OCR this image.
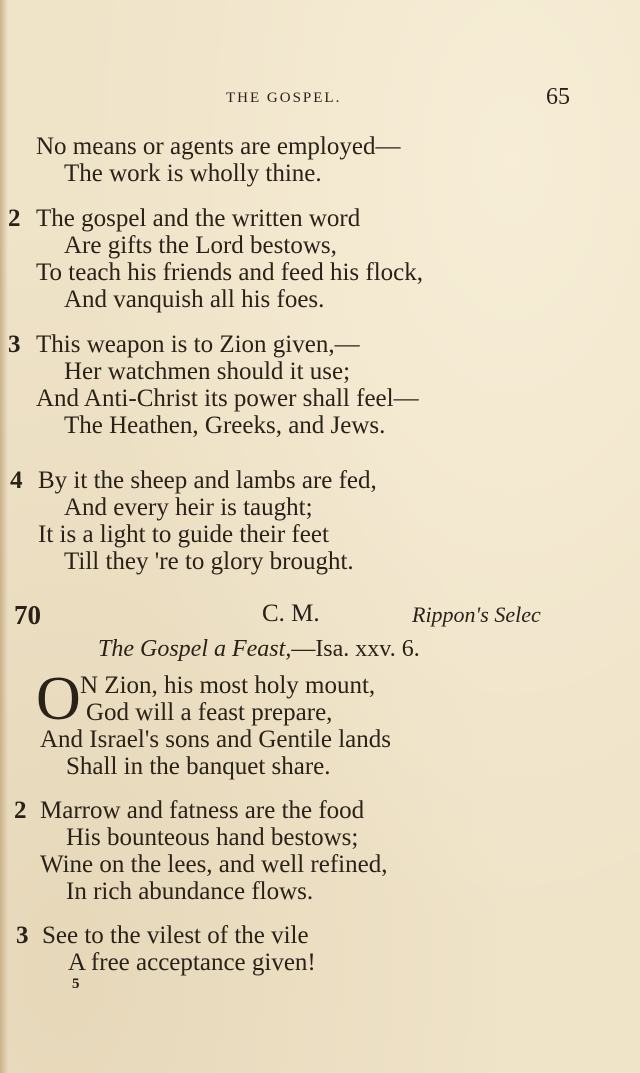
THE GOSPEL.	65
No means or agents are employed—
The work is wholly thine.
2 The gospel and the written word
Are gifts the Lord bestows,
To teach his friends and feed his flock,
And vanquish all his foes.
3 This weapon is to Zion given,—
Her watchmen should it use;
And Anti-Christ its power shall feel—
The Heathen, Greeks, and Jews.
4 By it the sheep and lambs are fed,
And every heir is taught;
It is a light to guide their feet
Till they 're to glory brought.
70	C. M.	Rippon's Selec
The Gospel a Feast,—Isa. xxv. 6.
O N Zion, his most holy mount,
God will a feast prepare,
And Israel's sons and Gentile lands
Shall in the banquet share.
2 Marrow and fatness are the food
His bounteous hand bestows;
Wine on the lees, and well refined,
In rich abundance flows.
3 See to the vilest of the vile
A free acceptance given!
5
